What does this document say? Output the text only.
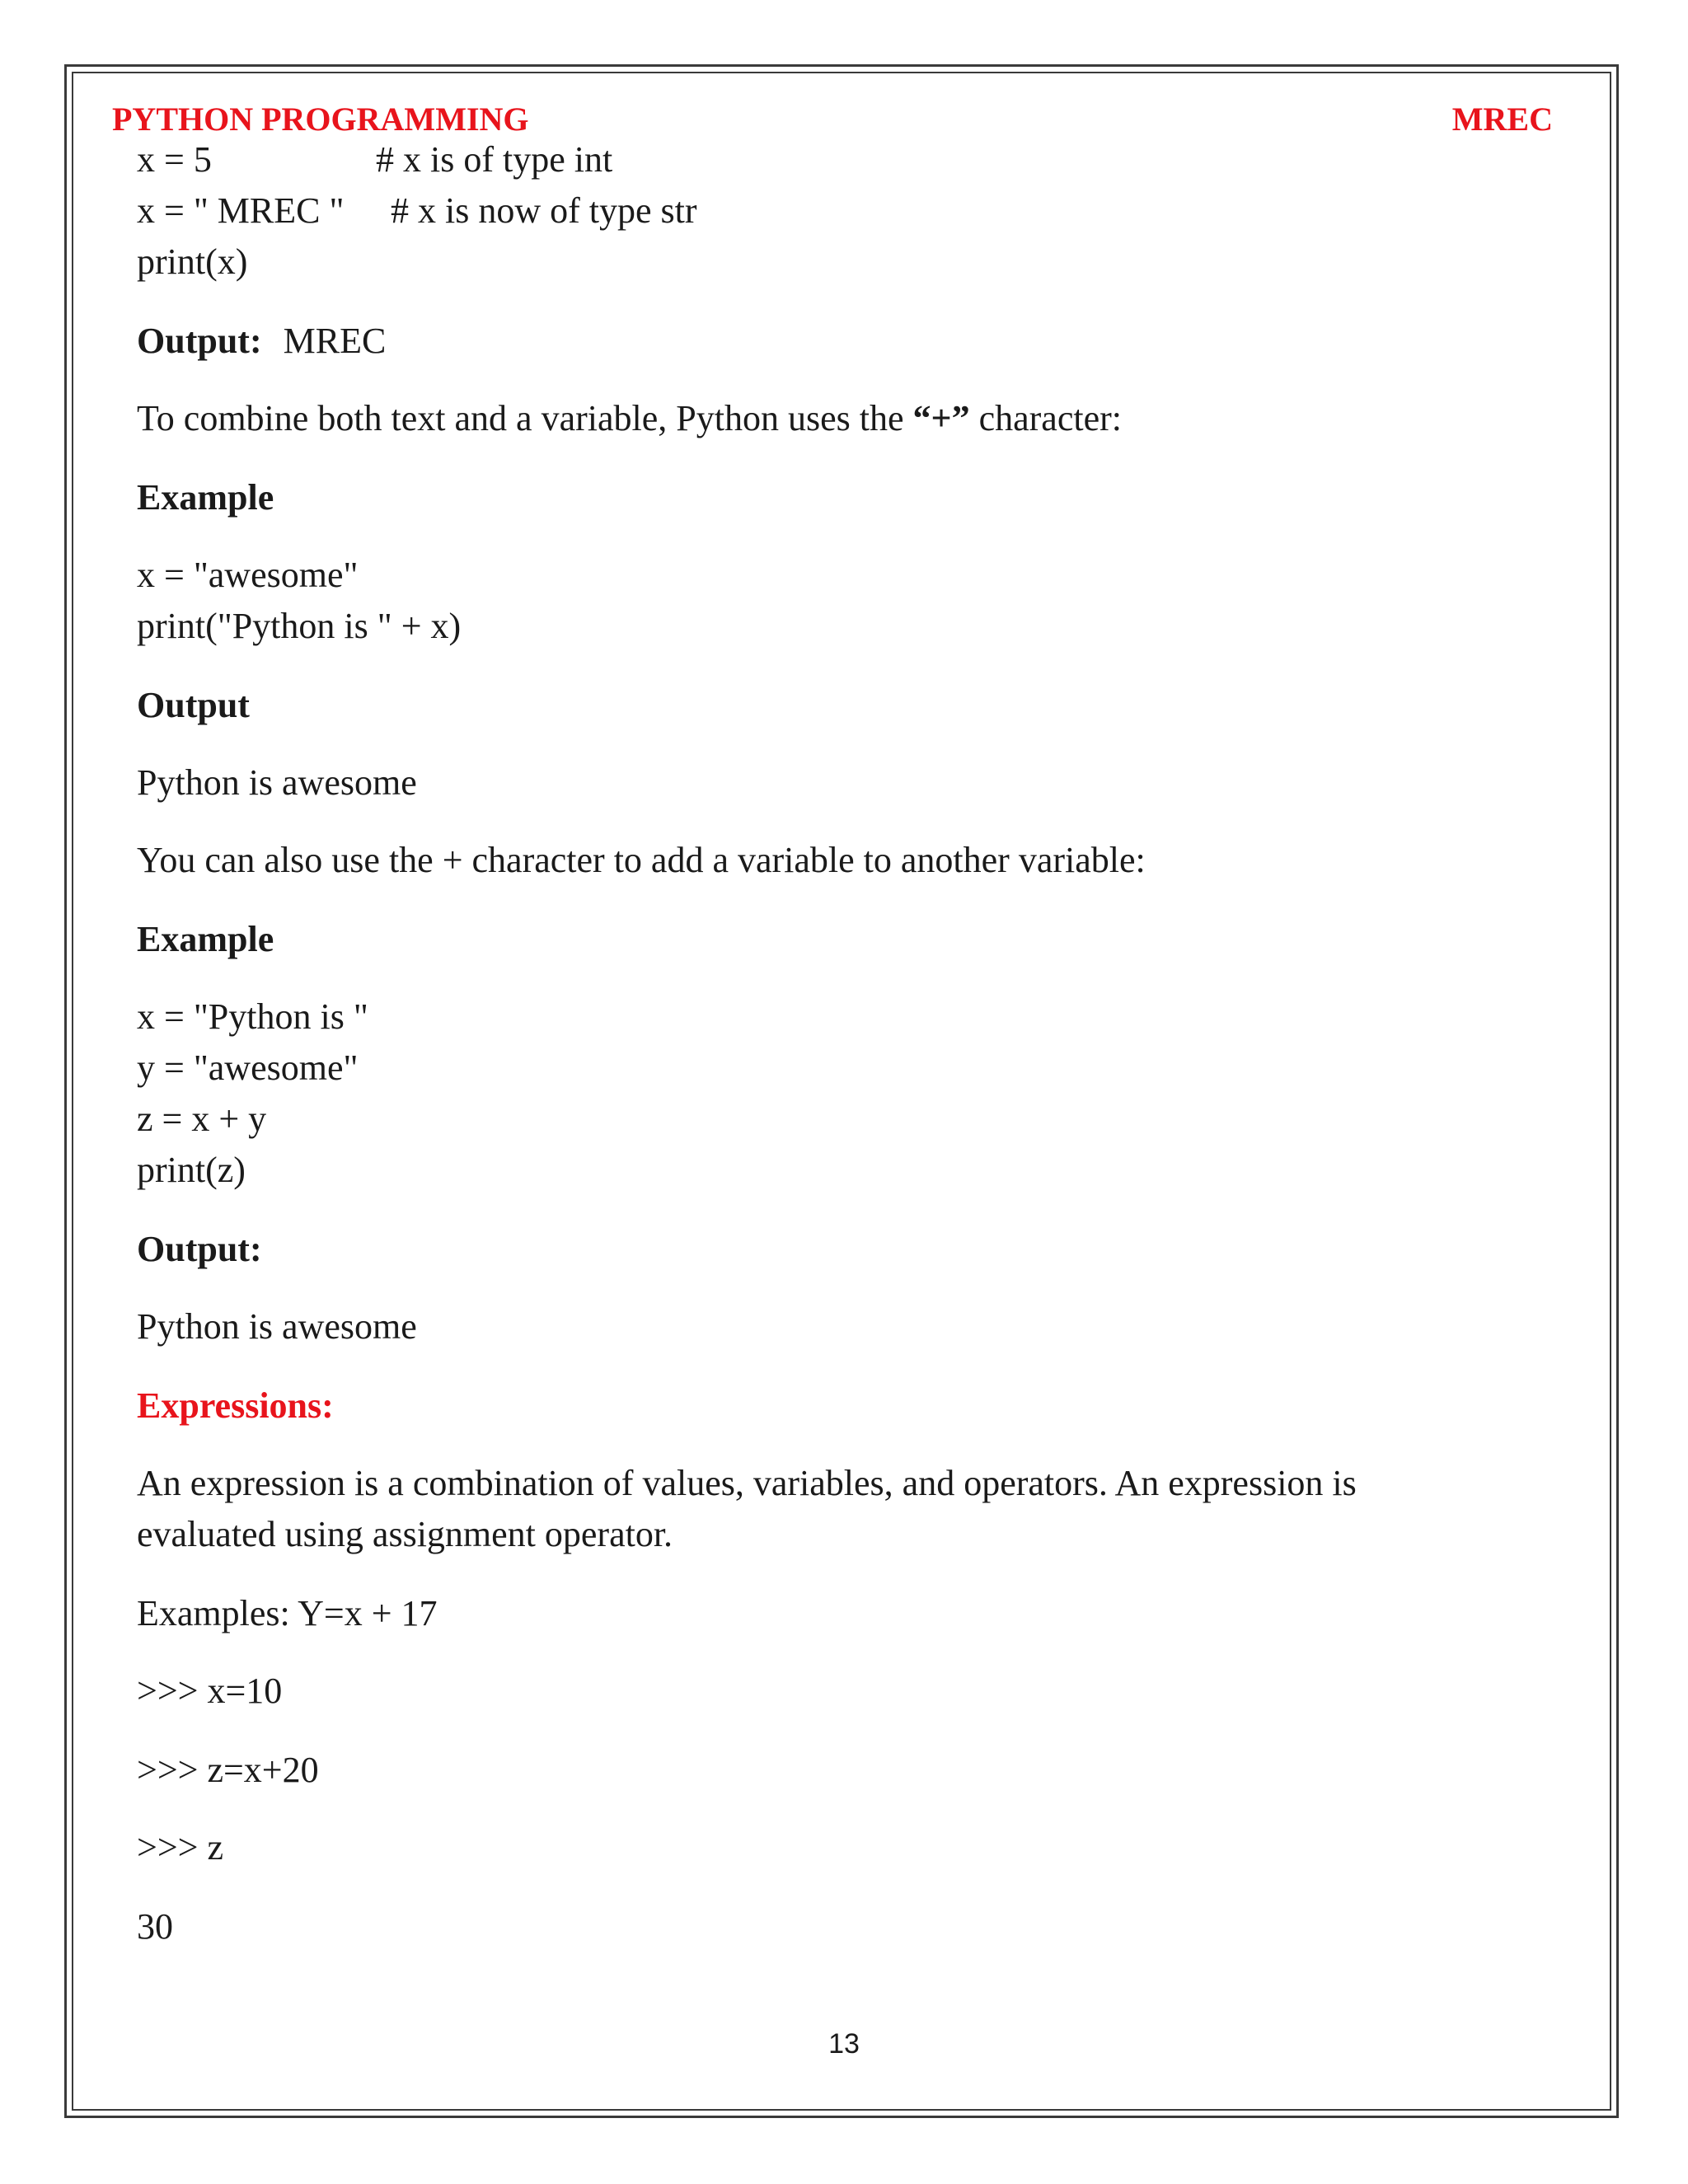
PYTHON PROGRAMMING	MREC
x = 5	# x is of type int
x = " MREC " # x is now of type str
print(x)
Output: MREC
To combine both text and a variable, Python uses the “+” character:
Example
x = "awesome"
print("Python is " + x)
Output
Python is awesome
You can also use the + character to add a variable to another variable:
Example
x = "Python is "
y = "awesome"
z = x + y
print(z)
Output:
Python is awesome
Expressions:
An expression is a combination of values, variables, and operators. An expression is
evaluated using assignment operator.
Examples: Y=x + 17
>>> x=10
>>> z=x+20
>>> z
30
13
